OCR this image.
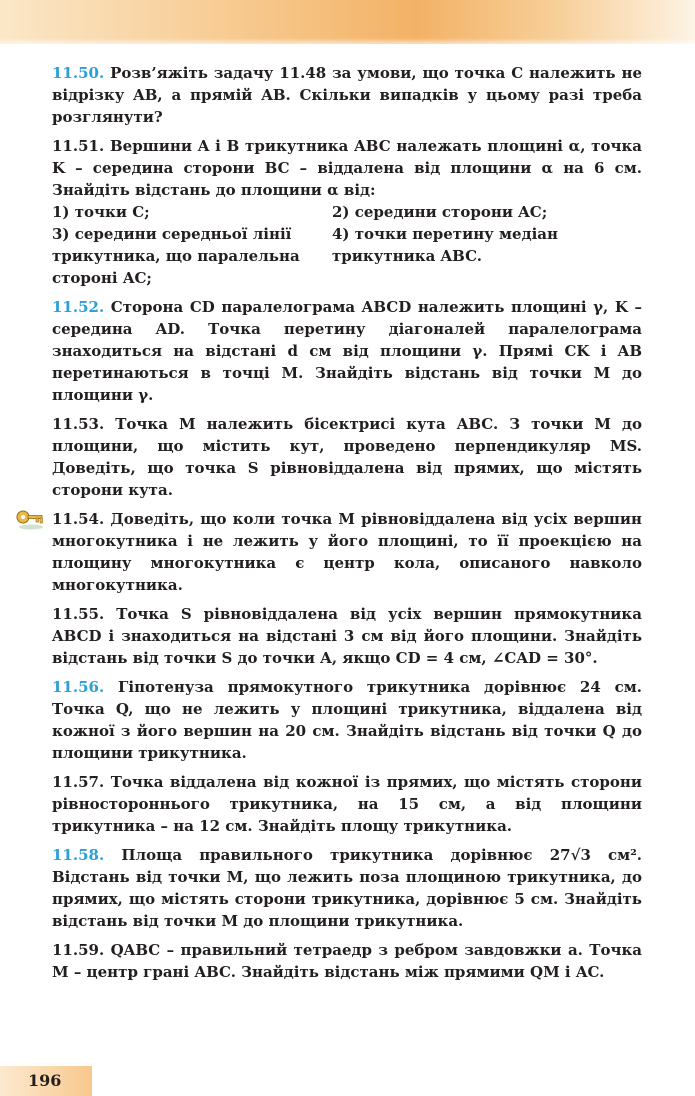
11.50. Розв’яжіть задачу 11.48 за умови, що точка C належить не відрізку AB, а прямій AB. Скільки випадків у цьому разі треба розглянути?
11.51. Вершини A і B трикутника ABC належать площині α, точка K – середина сторони BC – віддалена від площини α на 6 см. Знайдіть відстань до площини α від:
1) точки C;	2) середини сторони AC;
3) середини середньої лінії трикутника, що паралельна стороні AC;
4) точки перетину медіан трикутника ABC.
11.52. Сторона CD паралелограма ABCD належить площині γ, K – середина AD. Точка перетину діагоналей паралелограма знаходиться на відстані d см від площини γ. Прямі CK і AB перетинаються в точці M. Знайдіть відстань від точки M до площини γ.
11.53. Точка M належить бісектрисі кута ABC. З точки M до площини, що містить кут, проведено перпендикуляр MS. Доведіть, що точка S рівновіддалена від прямих, що містять сторони кута.
11.54. Доведіть, що коли точка M рівновіддалена від усіх вершин многокутника і не лежить у його площині, то її проекцією на площину многокутника є центр кола, описаного навколо многокутника.
11.55. Точка S рівновіддалена від усіх вершин прямокутника ABCD і знаходиться на відстані 3 см від його площини. Знайдіть відстань від точки S до точки A, якщо CD = 4 см, ∠CAD = 30°.
11.56. Гіпотенуза прямокутного трикутника дорівнює 24 см. Точка Q, що не лежить у площині трикутника, віддалена від кожної з його вершин на 20 см. Знайдіть відстань від точки Q до площини трикутника.
11.57. Точка віддалена від кожної із прямих, що містять сторони рівностороннього трикутника, на 15 см, а від площини трикутника – на 12 см. Знайдіть площу трикутника.
11.58. Площа правильного трикутника дорівнює 27√3 см². Відстань від точки M, що лежить поза площиною трикутника, до прямих, що містять сторони трикутника, дорівнює 5 см. Знайдіть відстань від точки M до площини трикутника.
11.59. QABC – правильний тетраедр з ребром завдовжки a. Точка M – центр грані ABC. Знайдіть відстань між прямими QM і AC.
196
